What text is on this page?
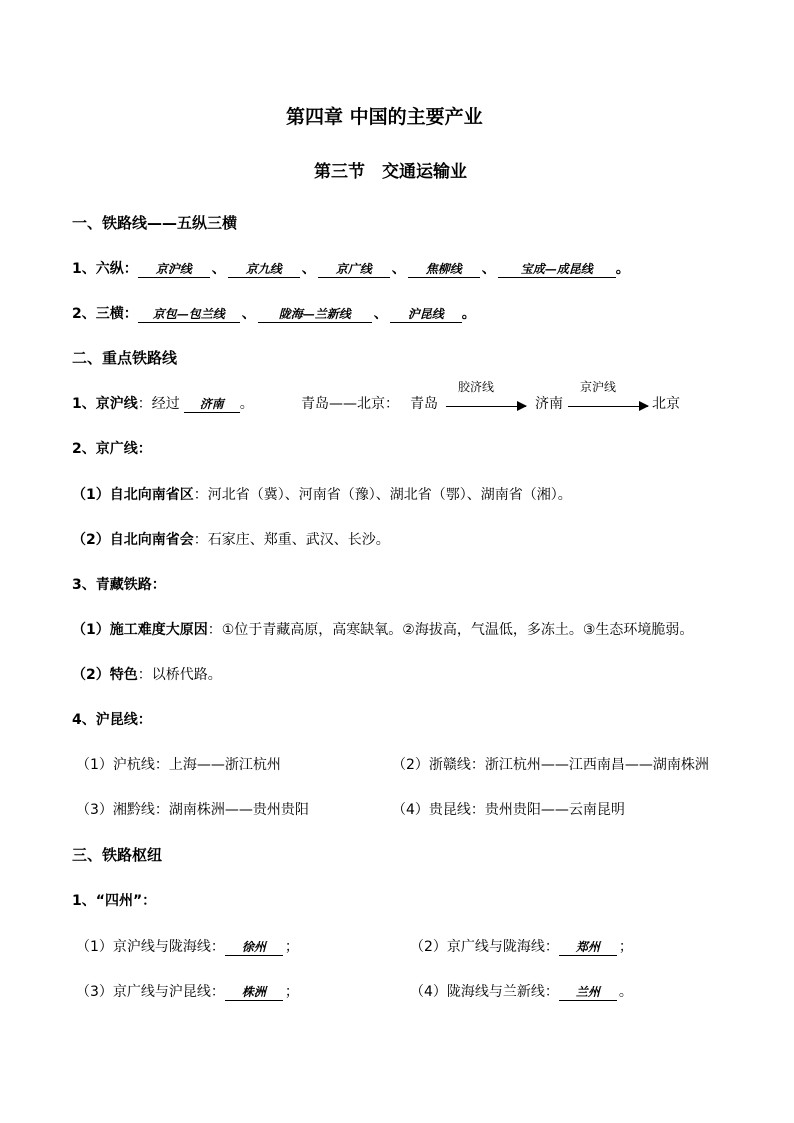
第四章 中国的主要产业
第三节　交通运输业
一、铁路线——五纵三横
1、六纵：	京沪线	、	京九线	、	京广线	、	焦柳线	、	宝成—成昆线	。
2、三横：	京包—包兰线	、	陇海—兰新线	、	沪昆线	。
二、重点铁路线
1、京沪线 ：经过	济南	。	青岛——北京： 青岛
胶济线
济南
京沪线
北京
2、京广线：
（1）自北向南省区：河北省（冀）、河南省（豫）、湖北省（鄂）、湖南省（湘）。
（2）自北向南省会：石家庄、郑重、武汉、长沙。
3、青藏铁路：
（1）施工难度大原因：①位于青藏高原，高寒缺氧。②海拔高，气温低，多冻土。③生态环境脆弱。
（2）特色：以桥代路。
4、沪昆线：
（1）沪杭线：上海——浙江杭州	（2）浙赣线：浙江杭州——江西南昌——湖南株洲
（3）湘黔线：湖南株洲——贵州贵阳	（4）贵昆线：贵州贵阳——云南昆明
三、铁路枢纽
1、“四州”：
（1）京沪线与陇海线：	徐州	；	（2）京广线与陇海线：	郑州	；
（3）京广线与沪昆线：	株洲	；	（4）陇海线与兰新线：	兰州	。
